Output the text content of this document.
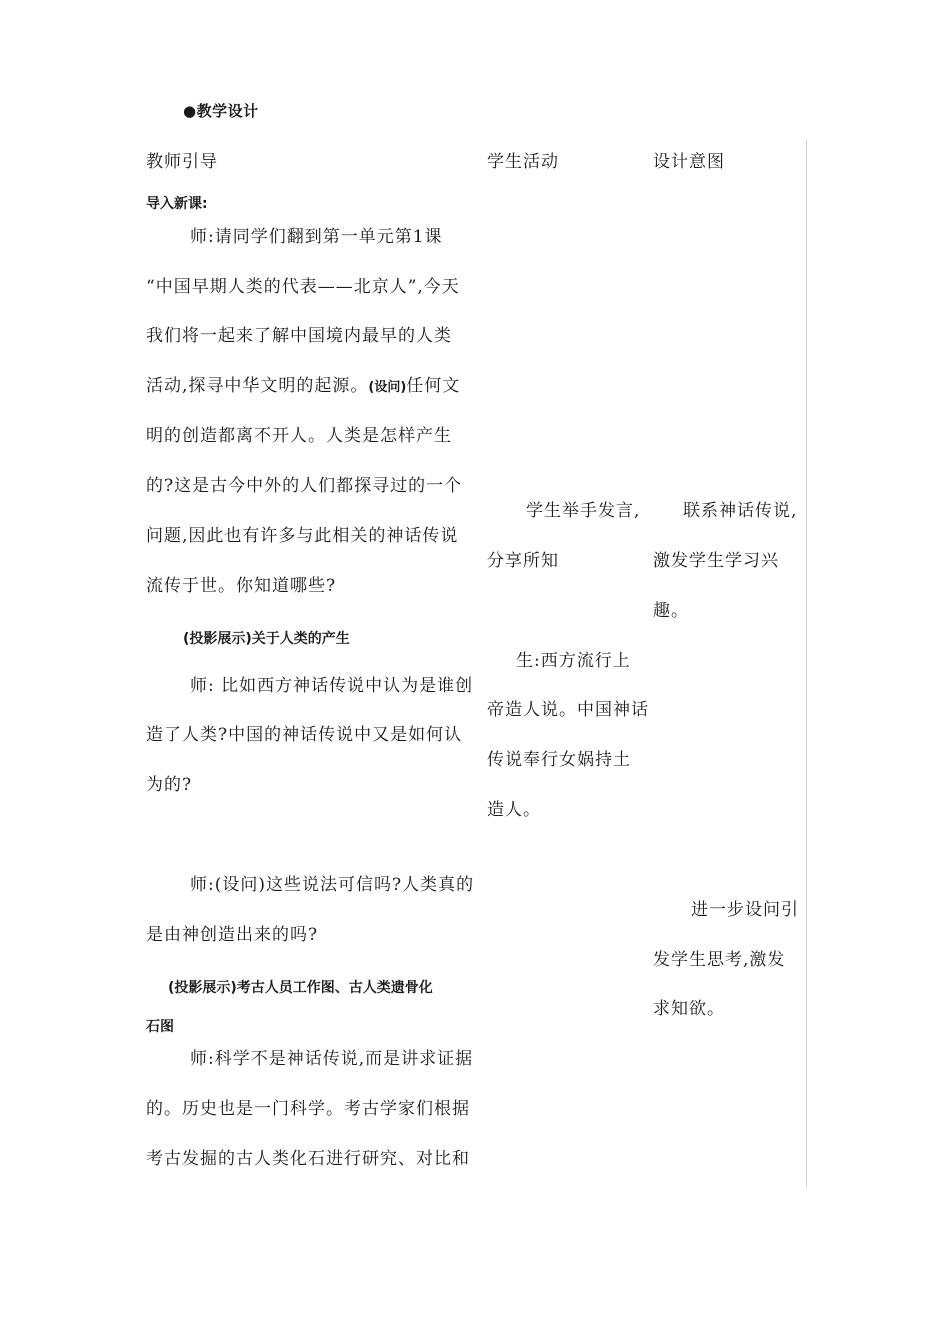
●教学设计
教师引导	学生活动	设计意图
导入新课:
师:请同学们翻到第一单元第1课
“中国早期人类的代表——北京人”,今天
我们将一起来了解中国境内最早的人类
活动,探寻中华文明的起源。(设问)任何文
明的创造都离不开人。人类是怎样产生
的?这是古今中外的人们都探寻过的一个
问题,因此也有许多与此相关的神话传说
流传于世。你知道哪些?
(投影展示)关于人类的产生
师: 比如西方神话传说中认为是谁创
造了人类?中国的神话传说中又是如何认
为的?
师:(设问)这些说法可信吗?人类真的
是由神创造出来的吗?
(投影展示)考古人员工作图、古人类遗骨化
石图
师:科学不是神话传说,而是讲求证据
的。历史也是一门科学。考古学家们根据
考古发掘的古人类化石进行研究、对比和
学生举手发言,
分享所知
生:西方流行上
帝造人说。中国神话
传说奉行女娲持土
造人。
联系神话传说,
激发学生学习兴
趣。
进一步设问引
发学生思考,激发
求知欲。
